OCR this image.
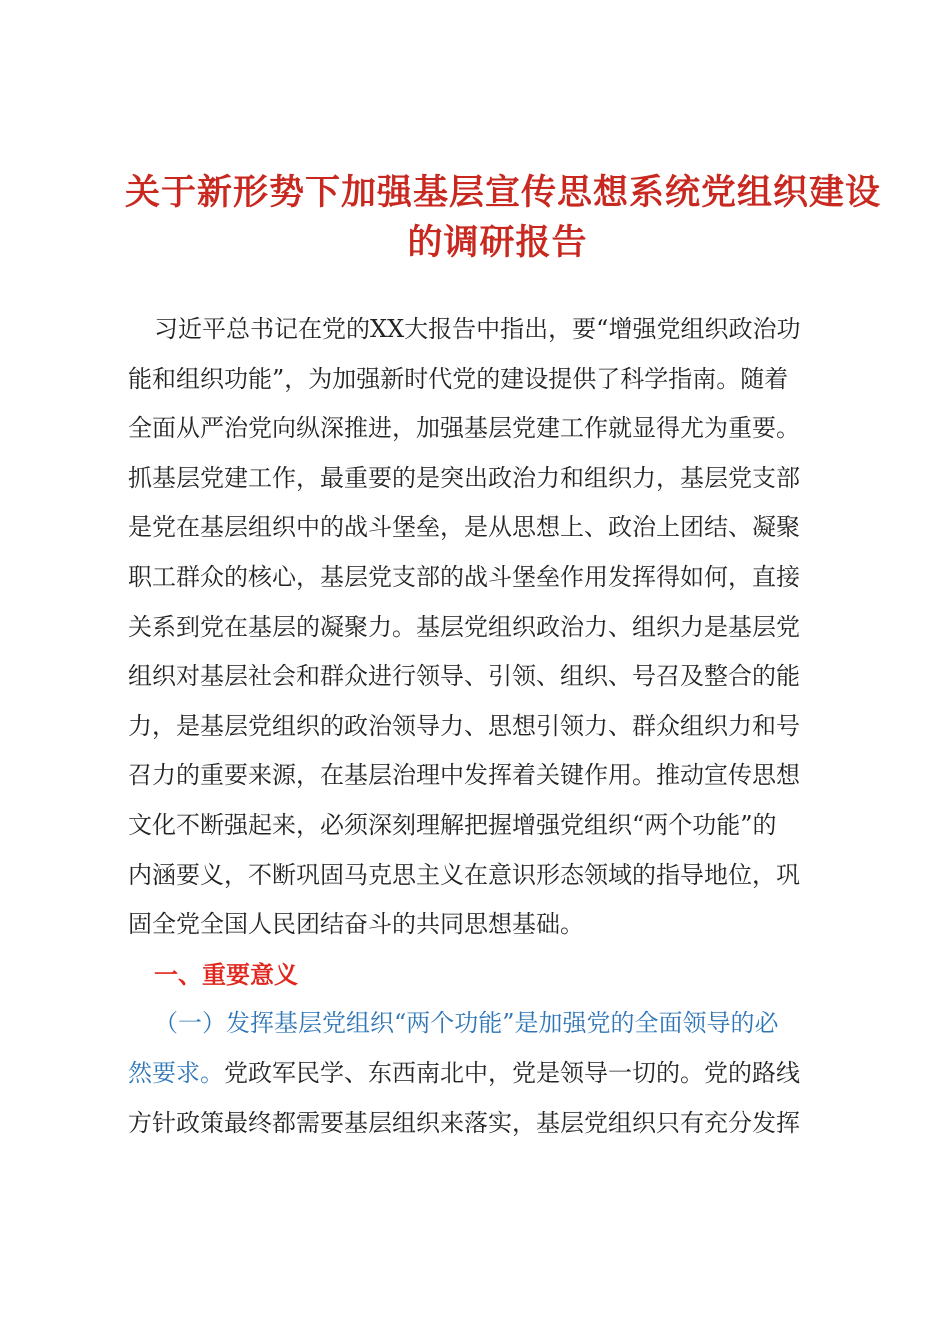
关于新形势下加强基层宣传思想系统党组织建设
的调研报告
习近平总书记在党的XX大报告中指出，要“增强党组织政治功
能和组织功能”，为加强新时代党的建设提供了科学指南。随着
全面从严治党向纵深推进，加强基层党建工作就显得尤为重要。
抓基层党建工作，最重要的是突出政治力和组织力，基层党支部
是党在基层组织中的战斗堡垒，是从思想上、政治上团结、凝聚
职工群众的核心，基层党支部的战斗堡垒作用发挥得如何，直接
关系到党在基层的凝聚力。基层党组织政治力、组织力是基层党
组织对基层社会和群众进行领导、引领、组织、号召及整合的能
力，是基层党组织的政治领导力、思想引领力、群众组织力和号
召力的重要来源，在基层治理中发挥着关键作用。推动宣传思想
文化不断强起来，必须深刻理解把握增强党组织“两个功能”的
内涵要义，不断巩固马克思主义在意识形态领域的指导地位，巩
固全党全国人民团结奋斗的共同思想基础。
一、重要意义
（一）发挥基层党组织“两个功能”是加强党的全面领导的必
然要求。党政军民学、东西南北中，党是领导一切的。党的路线
方针政策最终都需要基层组织来落实，基层党组织只有充分发挥
